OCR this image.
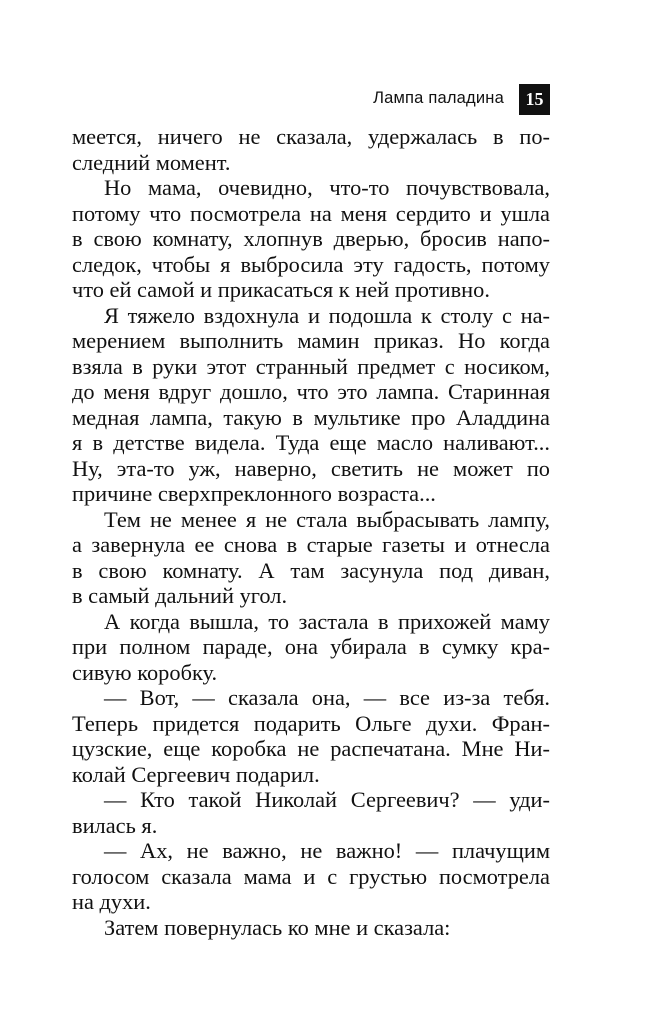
Лампа паладина	15
меется, ничего не сказала, удержалась в по-
следний момент.
Но мама, очевидно, что-то почувствовала,
потому что посмотрела на меня сердито и ушла
в свою комнату, хлопнув дверью, бросив напо-
следок, чтобы я выбросила эту гадость, потому
что ей самой и прикасаться к ней противно.
Я тяжело вздохнула и подошла к столу с на-
мерением выполнить мамин приказ. Но когда
взяла в руки этот странный предмет с носиком,
до меня вдруг дошло, что это лампа. Старинная
медная лампа, такую в мультике про Аладдина
я в детстве видела. Туда еще масло наливают...
Ну, эта-то уж, наверно, светить не может по
причине сверхпреклонного возраста...
Тем не менее я не стала выбрасывать лампу,
а завернула ее снова в старые газеты и отнесла
в свою комнату. А там засунула под диван,
в самый дальний угол.
А когда вышла, то застала в прихожей маму
при полном параде, она убирала в сумку кра-
сивую коробку.
— Вот, — сказала она, — все из-за тебя.
Теперь придется подарить Ольге духи. Фран-
цузские, еще коробка не распечатана. Мне Ни-
колай Сергеевич подарил.
— Кто такой Николай Сергеевич? — уди-
вилась я.
— Ах, не важно, не важно! — плачущим
голосом сказала мама и с грустью посмотрела
на духи.
Затем повернулась ко мне и сказала:
